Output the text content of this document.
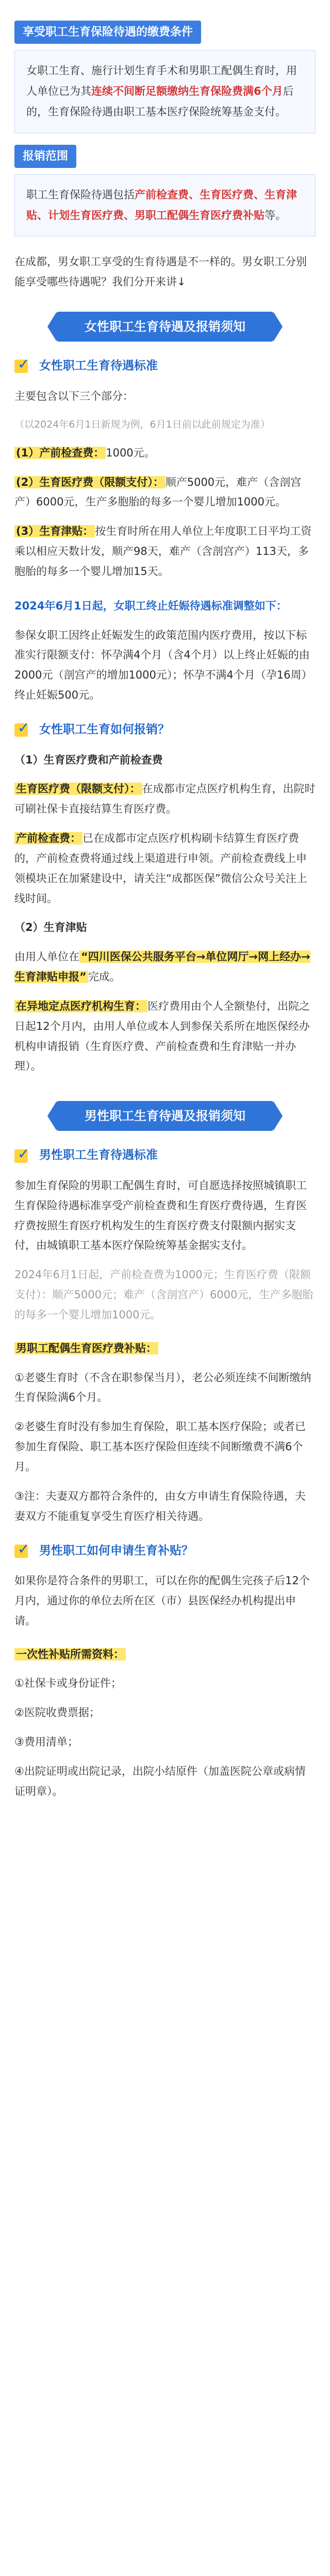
享受职工生育保险待遇的缴费条件
女职工生育、施行计划生育手术和男职工配偶生育时，用人单位已为其连续不间断足额缴纳生育保险费满6个月后的，生育保险待遇由职工基本医疗保险统筹基金支付。
报销范围
职工生育保险待遇包括产前检查费、生育医疗费、生育津贴、计划生育医疗费、男职工配偶生育医疗费补贴等。
在成都，男女职工享受的生育待遇是不一样的。男女职工分别能享受哪些待遇呢？我们分开来讲↓
女性职工生育待遇及报销须知
✓ 女性职工生育待遇标准
主要包含以下三个部分：
（以2024年6月1日新规为例，6月1日前以此前规定为准）
(1）产前检查费： 1000元。
(2）生育医疗费（限额支付）： 顺产5000元，难产（含剖宫产）6000元，生产多胞胎的每多一个婴儿增加1000元。
(3）生育津贴： 按生育时所在用人单位上年度职工日平均工资乘以相应天数计发，顺产98天，难产（含剖宫产）113天，多胞胎的每多一个婴儿增加15天。
2024年6月1日起，女职工终止妊娠待遇标准调整如下：
参保女职工因终止妊娠发生的政策范围内医疗费用，按以下标准实行限额支付：怀孕满4个月（含4个月）以上终止妊娠的由2000元（剖宫产的增加1000元）；怀孕不满4个月（孕16周）终止妊娠500元。
✓ 女性职工生育如何报销？
（1）生育医疗费和产前检查费
生育医疗费（限额支付）： 在成都市定点医疗机构生育，出院时可刷社保卡直接结算生育医疗费。
产前检查费： 已在成都市定点医疗机构刷卡结算生育医疗费的，产前检查费将通过线上渠道进行申领。产前检查费线上申领模块正在加紧建设中，请关注“成都医保”微信公众号关注上线时间。
（2）生育津贴
由用人单位在 “四川医保公共服务平台→单位网厅→网上经办→生育津贴申报” 完成。
在异地定点医疗机构生育： 医疗费用由个人全额垫付，出院之日起12个月内，由用人单位或本人到参保关系所在地医保经办机构申请报销（生育医疗费、产前检查费和生育津贴一并办理）。
男性职工生育待遇及报销须知
✓ 男性职工生育待遇标准
参加生育保险的男职工配偶生育时，可自愿选择按照城镇职工生育保险待遇标准享受产前检查费和生育医疗费待遇，生育医疗费按照生育医疗机构发生的生育医疗费支付限额内据实支付，由城镇职工基本医疗保险统筹基金据实支付。
2024年6月1日起，产前检查费为1000元；生育医疗费（限额支付）：顺产5000元；难产（含剖宫产）6000元，生产多胞胎的每多一个婴儿增加1000元。
男职工配偶生育医疗费补贴：
①老婆生育时（不含在职参保当月），老公必须连续不间断缴纳生育保险满6个月。
②老婆生育时没有参加生育保险，职工基本医疗保险；或者已参加生育保险、职工基本医疗保险但连续不间断缴费不满6个月。
③注：夫妻双方都符合条件的，由女方申请生育保险待遇，夫妻双方不能重复享受生育医疗相关待遇。
✓ 男性职工如何申请生育补贴？
如果你是符合条件的男职工，可以在你的配偶生完孩子后12个月内，通过你的单位去所在区（市）县医保经办机构提出申请。
一次性补贴所需资料：
①社保卡或身份证件；
②医院收费票据；
③费用清单；
④出院证明或出院记录，出院小结原件（加盖医院公章或病情证明章）。
